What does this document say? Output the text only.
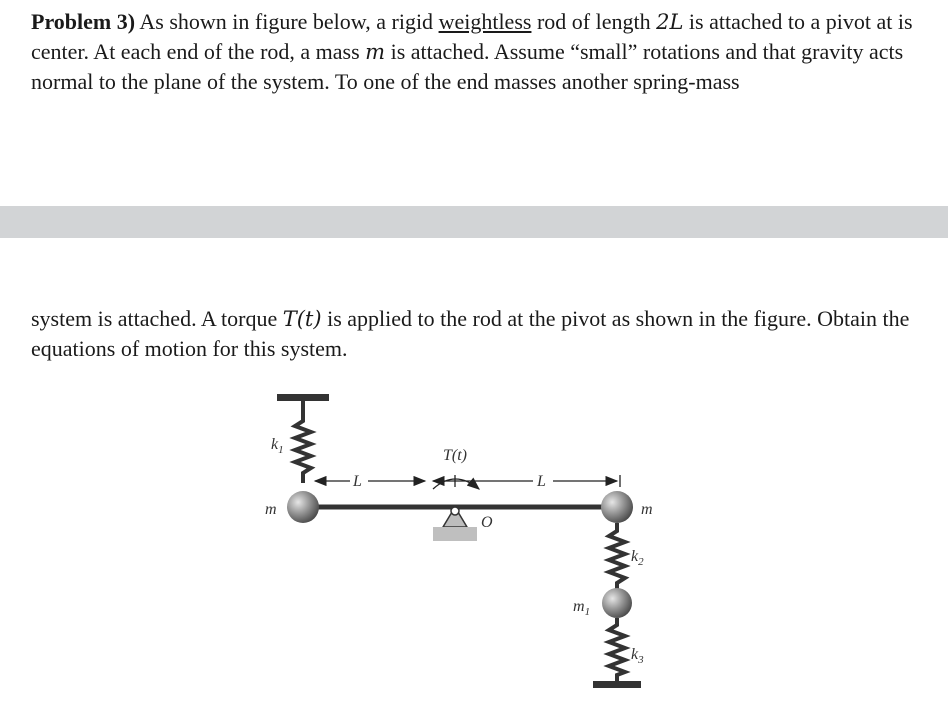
Problem 3) As shown in figure below, a rigid weightless rod of length 2L is attached to a pivot at is center. At each end of the rod, a mass m is attached. Assume “small” rotations and that gravity acts normal to the plane of the system. To one of the end masses another spring-mass

system is attached. A torque T(t) is applied to the rod at the pivot as shown in the figure. Obtain the equations of motion for this system.

$k_1$
L	L
T(t)
O
m	m
$k_2$
$m_1$
$k_3$
